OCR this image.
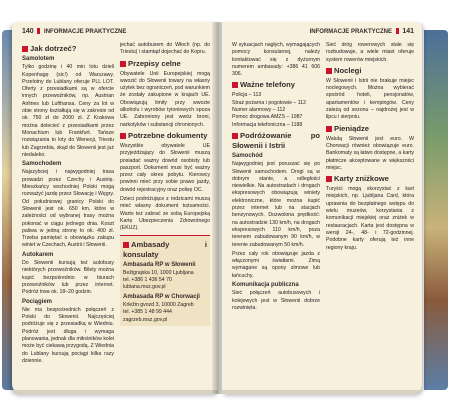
140 INFORMACJE PRAKTYCZNE
Jak dotrzeć?
Samolotem
Tylko godzinę i 40 min lotu dzieli Kopenhagę (sic!) od Warszawy. Przelotny do Lublany oferuje PLL LOT. Oferty z przesiadkami są w ofercie innych przewoźników, np. Austrian Airlines lub Lufthansa. Ceny za lot w obie strony kształtują się w zakresie od ok. 750 zł do 2000 zł. Z Krakowa można dolecieć z przesiadkami przez Monachium lub Frankfurt. Tańsze rozwiązania to loty do Wenecji, Triestu lub Zagrzebia, skąd do Słowenii jest już niedaleko.
Samochodem
Najszybciej i najwygodniej trasa prowadzi przez Czechy i Austrię. Mieszkańcy wschodniej Polski mogą rozważyć jazdę przez Słowację i Węgry. Od południowej granicy Polski do Słowenii jest ok. 650 km, które w zależności od wybranej trasy można pokonać w ciągu jednego dnia. Koszt paliwa w jedną stronę to ok. 400 zł. Trzeba pamiętać o obowiązku zakupu winiet w Czechach, Austrii i Słowenii.
Autokarem
Do Słowenii kursują też autobusy niektórych przewoźników. Bilety można kupić bezpośrednio w biurach przewoźników lub przez internet. Podróż trwa ok. 18–20 godzin.
Pociągiem
Nie ma bezpośrednich połączeń z Polski do Słowenii. Najczęściej podróżuje się z przesiadką w Wiedniu. Podróż jest długa i wymaga planowania, jednak dla miłośników kolei może być ciekawą przygodą. Z Wiednia do Lublany kursują pociągi kilka razy dziennie.
jechać autobusem do Włoch (np. do Triestu) i stamtąd dojechać do Kopru.
Przepisy celne
Obywatele Unii Europejskiej mogą wwozić do Słowenii towary na własny użytek bez ograniczeń, pod warunkiem że zostały zakupione w krajach UE. Obowiązują limity przy wwozie alkoholu i wyrobów tytoniowych spoza UE. Zabroniony jest wwóz broni, narkotyków i substancji chronionych.
Potrzebne dokumenty
Wszystkie obywatele UE przyjeżdżający do Słowenii muszą posiadać ważny dowód osobisty lub paszport. Dokument musi być ważny przez cały okres pobytu. Kierowcy powinni mieć przy sobie prawo jazdy, dowód rejestracyjny oraz polisę OC.
Dzieci podróżujące z rodzicami muszą mieć własny dokument tożsamości. Warto też zabrać ze sobą Europejską Kartę Ubezpieczenia Zdrowotnego (EKUZ).
Ambasady i konsulaty
Ambasada RP w Słowenii
Bežigrajska 10, 1000 Ljubljana
tel. +386 1 436 54 70
lublana.msz.gov.pl
Ambasada RP w Chorwacji
Krležin gvozd 3, 10000 Zagreb
tel. +385 1 48 99 444
zagrzeb.msz.gov.pl
INFORMACJE PRAKTYCZNE 141
W sytuacjach nagłych, wymagających pomocy konsularnej, należy kontaktować się z dyżurnym numerem ambasady: +386 41 606 306.
Ważne telefony
Policja – 113
Straż pożarna i pogotowie – 112
Numer alarmowy – 112
Pomoc drogowa AMZS – 1987
Informacja telefoniczna – 1188
Podróżowanie po Słowenii i Istrii
Samochód
Najwygodniej jest poruszać się po Słowenii samochodem. Drogi są w dobrym stanie, a odległości niewielkie. Na autostradach i drogach ekspresowych obowiązują winiety elektroniczne, które można kupić przez internet lub na stacjach benzynowych. Dozwolona prędkość: na autostradzie 130 km/h, na drogach ekspresowych 110 km/h, poza terenem zabudowanym 90 km/h, w terenie zabudowanym 50 km/h.
Przez cały rok obowiązuje jazda z włączonymi światłami. Zimą wymagane są opony zimowe lub łańcuchy.
Komunikacja publiczna
Sieć połączeń autobusowych i kolejowych jest w Słowenii dobrze rozwinięta.
Sieć dróg rowerowych stale się rozbudowuje, a wiele miast oferuje system rowerów miejskich.
Noclegi
W Słowenii i Istrii nie brakuje miejsc noclegowych. Można wybierać spośród hoteli, pensjonatów, apartamentów i kempingów. Ceny zależą od sezonu – najdrożej jest w lipcu i sierpniu.
Pieniądze
Walutą Słowenii jest euro. W Chorwacji również obowiązuje euro. Bankomaty są łatwo dostępne, a karty płatnicze akceptowane w większości miejsc.
Karty zniżkowe
Turyści mogą skorzystać z kart miejskich, np. Ljubljana Card, która uprawnia do bezpłatnego wstępu do wielu muzeów, korzystania z komunikacji miejskiej oraz zniżek w restauracjach. Karta jest dostępna w wersji 24-, 48- i 72-godzinnej. Podobne karty oferują też inne regiony kraju.
